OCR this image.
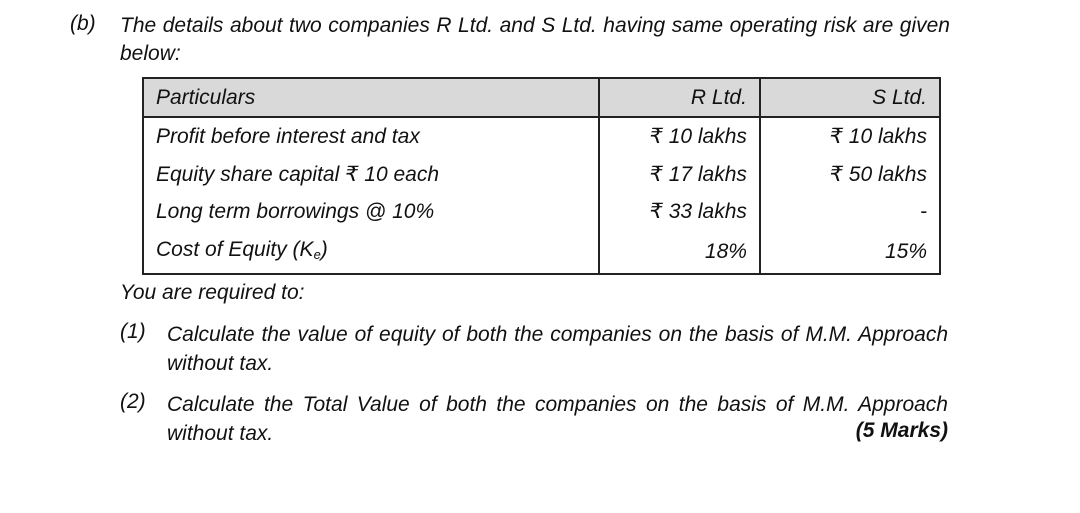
(b) The details about two companies R Ltd. and S Ltd. having same operating risk are given below:
Particulars	R Ltd.	S Ltd.
Profit before interest and tax	₹ 10 lakhs	₹ 10 lakhs
Equity share capital ₹ 10 each	₹ 17 lakhs	₹ 50 lakhs
Long term borrowings @ 10%	₹ 33 lakhs	-
Cost of Equity $(K_e)$	18%	15%
You are required to:
(1) Calculate the value of equity of both the companies on the basis of M.M. Approach without tax.
(2) Calculate the Total Value of both the companies on the basis of M.M. Approach without tax.	(5 Marks)
